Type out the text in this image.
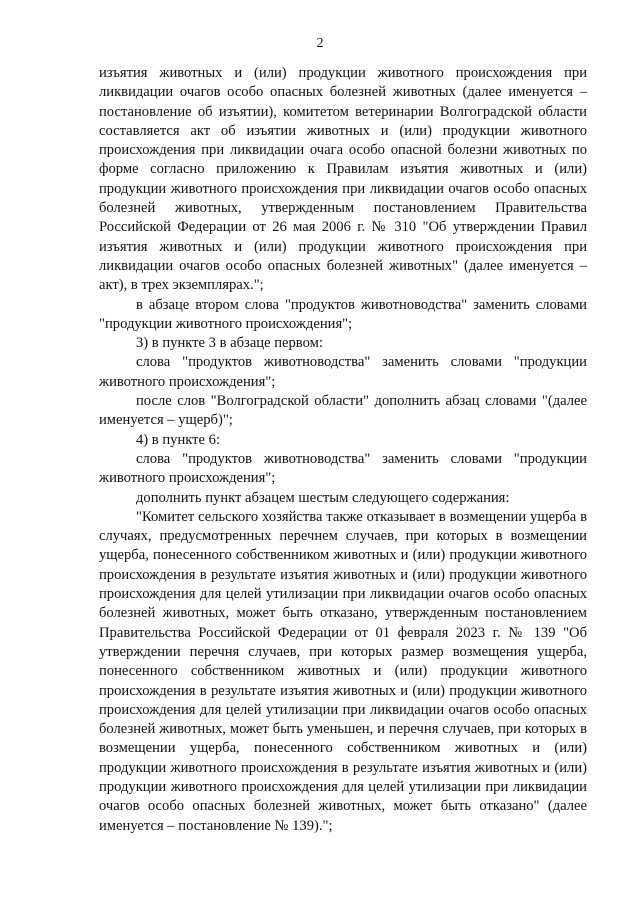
2

изъятия животных и (или) продукции животного происхождения при ликвидации очагов особо опасных болезней животных (далее именуется – постановление об изъятии), комитетом ветеринарии Волгоградской области составляется акт об изъятии животных и (или) продукции животного происхождения при ликвидации очага особо опасной болезни животных по форме согласно приложению к Правилам изъятия животных и (или) продукции животного происхождения при ликвидации очагов особо опасных болезней животных, утвержденным постановлением Правительства Российской Федерации от 26 мая 2006 г. № 310 "Об утверждении Правил изъятия животных и (или) продукции животного происхождения при ликвидации очагов особо опасных болезней животных" (далее именуется – акт), в трех экземплярах.";

в абзаце втором слова "продуктов животноводства" заменить словами "продукции животного происхождения";

3) в пункте 3 в абзаце первом:

слова "продуктов животноводства" заменить словами "продукции животного происхождения";

после слов "Волгоградской области" дополнить абзац словами "(далее именуется – ущерб)";

4) в пункте 6:

слова "продуктов животноводства" заменить словами "продукции животного происхождения";

дополнить пункт абзацем шестым следующего содержания:

"Комитет сельского хозяйства также отказывает в возмещении ущерба в случаях, предусмотренных перечнем случаев, при которых в возмещении ущерба, понесенного собственником животных и (или) продукции животного происхождения в результате изъятия животных и (или) продукции животного происхождения для целей утилизации при ликвидации очагов особо опасных болезней животных, может быть отказано, утвержденным постановлением Правительства Российской Федерации от 01 февраля 2023 г. № 139 "Об утверждении перечня случаев, при которых размер возмещения ущерба, понесенного собственником животных и (или) продукции животного происхождения в результате изъятия животных и (или) продукции животного происхождения для целей утилизации при ликвидации очагов особо опасных болезней животных, может быть уменьшен, и перечня случаев, при которых в возмещении ущерба, понесенного собственником животных и (или) продукции животного происхождения в результате изъятия животных и (или) продукции животного происхождения для целей утилизации при ликвидации очагов особо опасных болезней животных, может быть отказано" (далее именуется – постановление № 139).";
